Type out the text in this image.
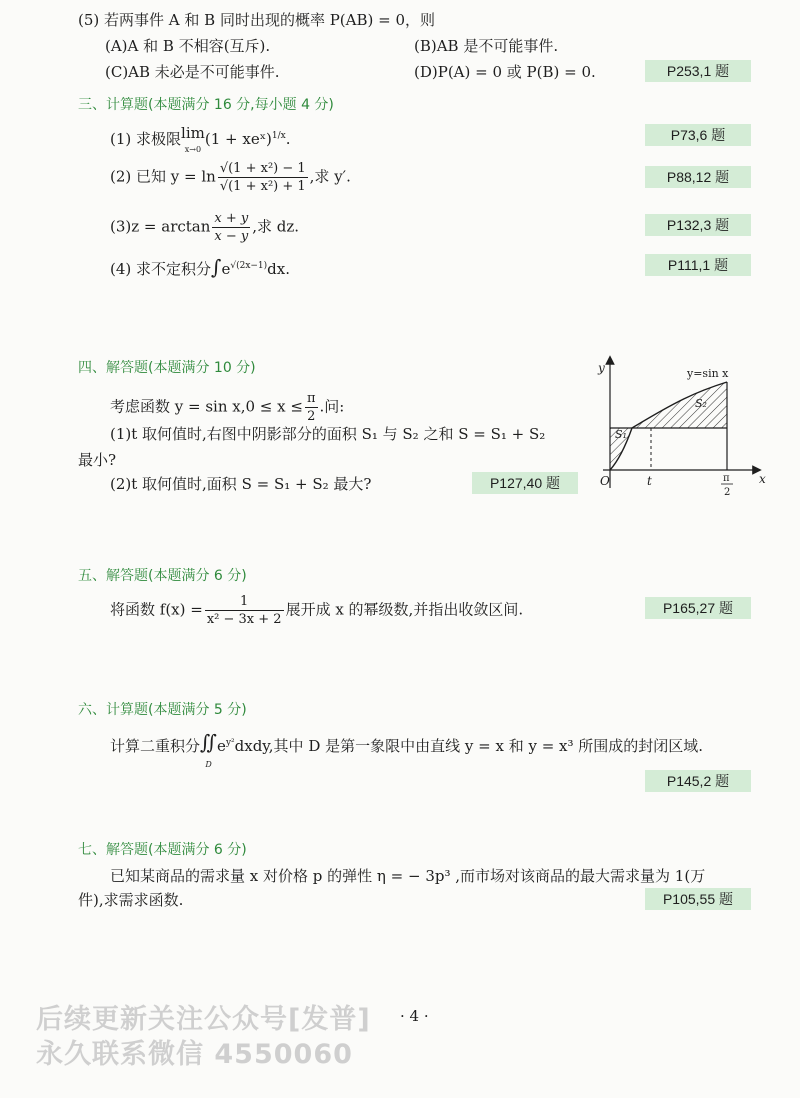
(5) 若两事件 A 和 B 同时出现的概率 P(AB) = 0，则
(A)A 和 B 不相容(互斥).	(B)AB 是不可能事件.
(C)AB 未必是不可能事件.	(D)P(A) = 0 或 P(B) = 0.	P253,1 题
三、计算题(本题满分 16 分,每小题 4 分)
(1) 求极限lim
x→0(1 + xeˣ)$^{1/x}$.	P73,6 题
(2) 已知 $y = \ln \frac{\text{√(1 + x²) − 1}}{\text{√(1 + x²) + 1}}$ ,求 y′.	P88,12 题
$(3)z = \arctan \frac{x + y}{x - y}$ ,求 dz.	P132,3 题
(4) 求不定积分$\int e^{√(2x-1)}dx$.	P111,1 题
四、解答题(本题满分 10 分)
考虑函数 $y = \sin x,0 \le x \le \frac{\pi}{2}$ .问:
(1)t 取何值时,右图中阴影部分的面积 S₁ 与 S₂ 之和 S = S₁ + S₂
最小?
(2)t 取何值时,面积 S = S₁ + S₂ 最大?	P127,40 题
y
x
O	t
y=sin x
S₁
S₂
π
2
五、解答题(本题满分 6 分)
将函数 $f(x) = \frac{1}{\text{x² − 3x + 2}}$ 展开成 x 的幂级数,并指出收敛区间.	P165,27 题
六、计算题(本题满分 5 分)
计算二重积分∬
$De^{y^2}dxdy$,其中 D 是第一象限中由直线 y = x 和 y = x³ 所围成的封闭区域.
P145,2 题
七、解答题(本题满分 6 分)
已知某商品的需求量 x 对价格 p 的弹性 η = − 3p³ ,而市场对该商品的最大需求量为 1(万
件),求需求函数.	P105,55 题
· 4 ·
后续更新关注公众号[发普]
永久联系微信 4550060
